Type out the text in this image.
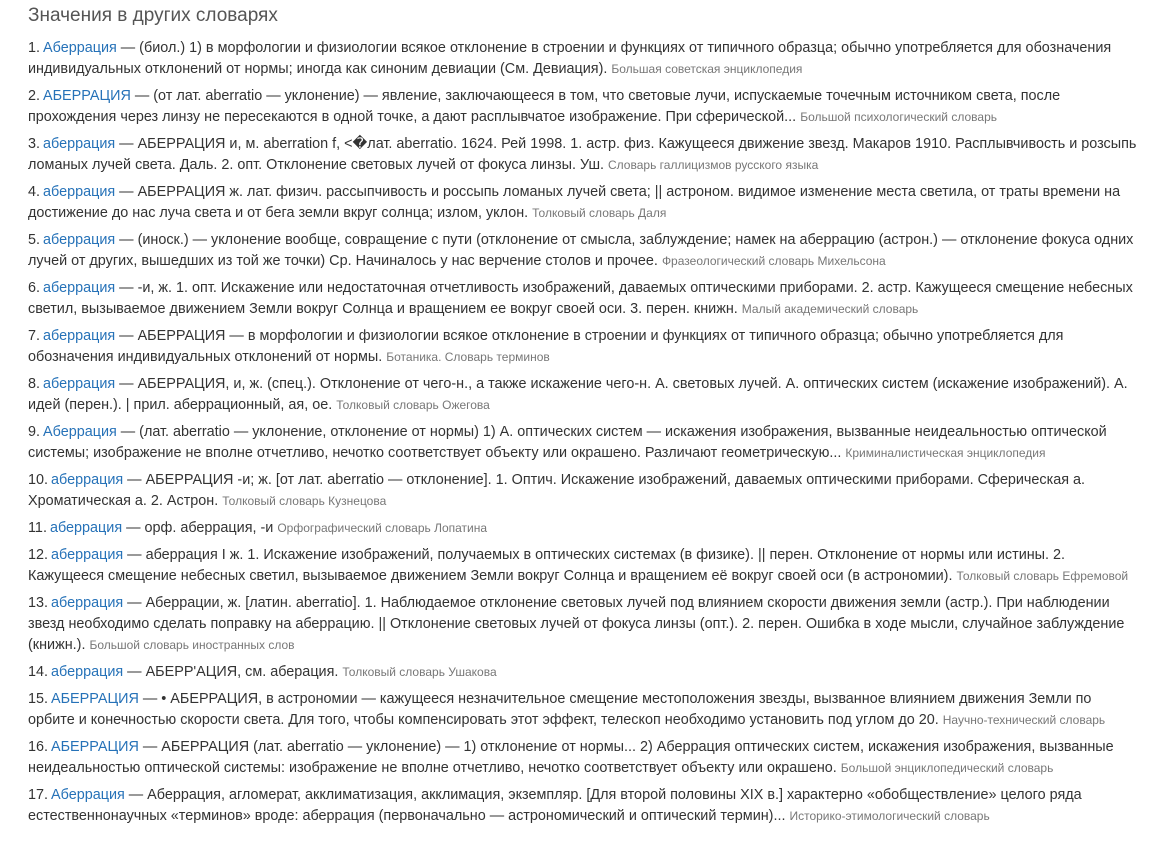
Значения в других словарях
1. Аберрация — (биол.) 1) в морфологии и физиологии всякое отклонение в строении и функциях от типичного образца; обычно употребляется для обозначения индивидуальных отклонений от нормы; иногда как синоним девиации (См. Девиация). Большая советская энциклопедия
2. АБЕРРАЦИЯ — (от лат. aberratio — уклонение) — явление, заключающееся в том, что световые лучи, испускаемые точечным источником света, после прохождения через линзу не пересекаются в одной точке, а дают расплывчатое изображение. При сферической... Большой психологический словарь
3. аберрация — АБЕРРАЦИЯ и, м. aberration f, <�лат. aberratio. 1624. Рей 1998. 1. астр. физ. Кажущееся движение звезд. Макаров 1910. Расплывчивость и розсыпь ломаных лучей света. Даль. 2. опт. Отклонение световых лучей от фокуса линзы. Уш. Словарь галлицизмов русского языка
4. аберрация — АБЕРРАЦИЯ ж. лат. физич. рассыпчивость и россыпь ломаных лучей света; || астроном. видимое изменение места светила, от траты времени на достижение до нас луча света и от бега земли вкруг солнца; излом, уклон. Толковый словарь Даля
5. аберрация — (иноск.) — уклонение вообще, совращение с пути (отклонение от смысла, заблуждение; намек на аберрацию (астрон.) — отклонение фокуса одних лучей от других, вышедших из той же точки) Ср. Начиналось у нас верчение столов и прочее. Фразеологический словарь Михельсона
6. аберрация — -и, ж. 1. опт. Искажение или недостаточная отчетливость изображений, даваемых оптическими приборами. 2. астр. Кажущееся смещение небесных светил, вызываемое движением Земли вокруг Солнца и вращением ее вокруг своей оси. 3. перен. книжн. Малый академический словарь
7. аберрация — АБЕРРАЦИЯ — в морфологии и физиологии всякое отклонение в строении и функциях от типичного образца; обычно употребляется для обозначения индивидуальных отклонений от нормы. Ботаника. Словарь терминов
8. аберрация — АБЕРРАЦИЯ, и, ж. (спец.). Отклонение от чего-н., а также искажение чего-н. А. световых лучей. А. оптических систем (искажение изображений). А. идей (перен.). | прил. аберрационный, ая, ое. Толковый словарь Ожегова
9. Аберрация — (лат. aberratio — уклонение, отклонение от нормы) 1) А. оптических систем — искажения изображения, вызванные неидеальностью оптической системы; изображение не вполне отчетливо, нечотко соответствует объекту или окрашено. Различают геометрическую... Криминалистическая энциклопедия
10. аберрация — АБЕРРАЦИЯ -и; ж. [от лат. aberratio — отклонение]. 1. Оптич. Искажение изображений, даваемых оптическими приборами. Сферическая а. Хроматическая а. 2. Астрон. Толковый словарь Кузнецова
11. аберрация — орф. аберрация, -и Орфографический словарь Лопатина
12. аберрация — аберрация I ж. 1. Искажение изображений, получаемых в оптических системах (в физике). || перен. Отклонение от нормы или истины. 2. Кажущееся смещение небесных светил, вызываемое движением Земли вокруг Солнца и вращением её вокруг своей оси (в астрономии). Толковый словарь Ефремовой
13. аберрация — Аберрации, ж. [латин. aberratio]. 1. Наблюдаемое отклонение световых лучей под влиянием скорости движения земли (астр.). При наблюдении звезд необходимо сделать поправку на аберрацию. || Отклонение световых лучей от фокуса линзы (опт.). 2. перен. Ошибка в ходе мысли, случайное заблуждение (книжн.). Большой словарь иностранных слов
14. аберрация — АБЕРР'АЦИЯ, см. аберация. Толковый словарь Ушакова
15. АБЕРРАЦИЯ — • АБЕРРАЦИЯ, в астрономии — кажущееся незначительное смещение местоположения звезды, вызванное влиянием движения Земли по орбите и конечностью скорости света. Для того, чтобы компенсировать этот эффект, телескоп необходимо установить под углом до 20. Научно-технический словарь
16. АБЕРРАЦИЯ — АБЕРРАЦИЯ (лат. aberratio — уклонение) — 1) отклонение от нормы... 2) Аберрация оптических систем, искажения изображения, вызванные неидеальностью оптической системы: изображение не вполне отчетливо, нечотко соответствует объекту или окрашено. Большой энциклопедический словарь
17. Аберрация — Аберрация, агломерат, акклиматизация, акклимация, экземпляр. [Для второй половины XIX в.] характерно «обобществление» целого ряда естественнонаучных «терминов» вроде: аберрация (первоначально — астрономический и оптический термин)... Историко-этимологический словарь
